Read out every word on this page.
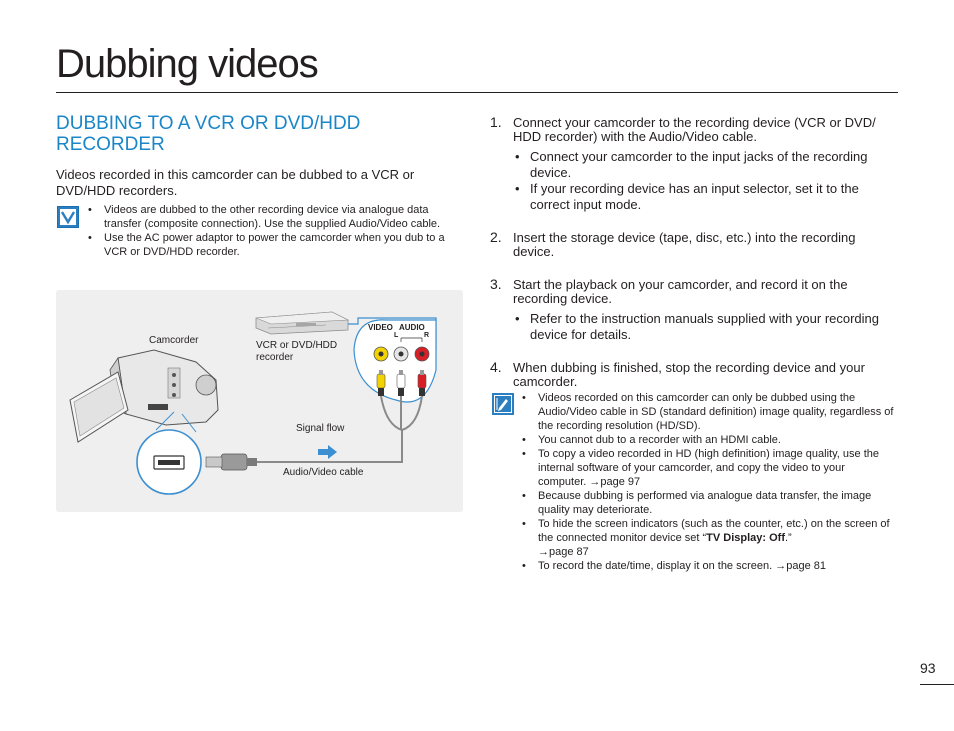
Dubbing videos
DUBBING TO A VCR OR DVD/HDD RECORDER
Videos recorded in this camcorder can be dubbed to a VCR or DVD/HDD recorders.
• Videos are dubbed to the other recording device via analogue data transfer (composite connection). Use the supplied Audio/Video cable.
• Use the AC power adaptor to power the camcorder when you dub to a VCR or DVD/HDD recorder.
Camcorder	VCR or DVD/HDD recorder
VIDEO AUDIO
L	R
Signal flow
Audio/Video cable
1. Connect your camcorder to the recording device (VCR or DVD/ HDD recorder) with the Audio/Video cable.
• Connect your camcorder to the input jacks of the recording device.
• If your recording device has an input selector, set it to the correct input mode.
2. Insert the storage device (tape, disc, etc.) into the recording device.
3. Start the playback on your camcorder, and record it on the recording device.
• Refer to the instruction manuals supplied with your recording device for details.
4. When dubbing is finished, stop the recording device and your camcorder.
• Videos recorded on this camcorder can only be dubbed using the Audio/Video cable in SD (standard definition) image quality, regardless of the recording resolution (HD/SD).
• You cannot dub to a recorder with an HDMI cable.
• To copy a video recorded in HD (high definition) image quality, use the internal software of your camcorder, and copy the video to your computer. →page 97
• Because dubbing is performed via analogue data transfer, the image quality may deteriorate.
• To hide the screen indicators (such as the counter, etc.) on the screen of the connected monitor device set “TV Display: Off.”
→page 87
• To record the date/time, display it on the screen. →page 81
93
